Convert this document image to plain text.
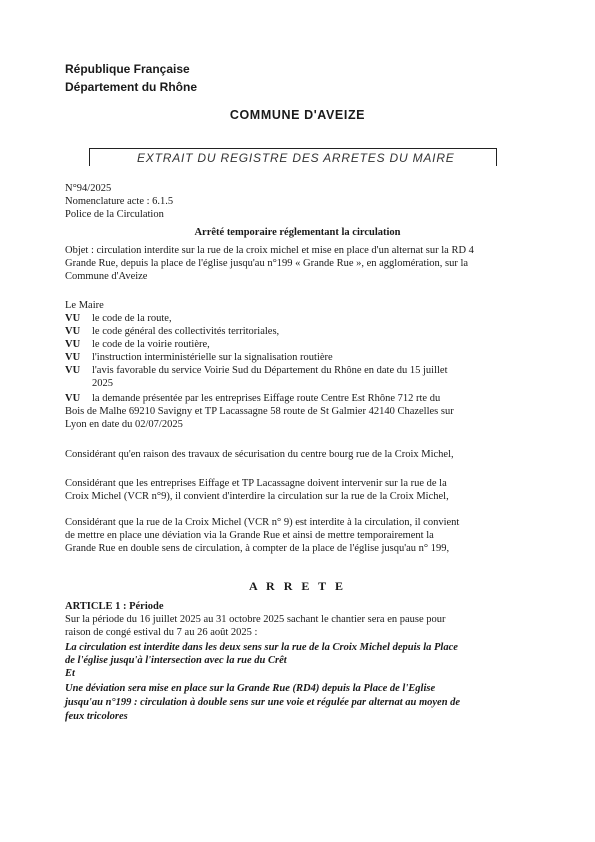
République Française
Département du Rhône
COMMUNE D'AVEIZE
EXTRAIT DU REGISTRE DES ARRETES DU MAIRE
N°94/2025
Nomenclature acte : 6.1.5
Police de la Circulation
Arrêté temporaire réglementant la circulation
Objet : circulation interdite sur la rue de la croix michel et mise en place d'un alternat sur la RD 4
Grande Rue, depuis la place de l'église jusqu'au n°199 « Grande Rue », en agglomération, sur la
Commune d'Aveize
Le Maire
VU le code de la route,
VU le code général des collectivités territoriales,
VU le code de la voirie routière,
VU l'instruction interministérielle sur la signalisation routière
VU l'avis favorable du service Voirie Sud du Département du Rhône en date du 15 juillet
2025
VU la demande présentée par les entreprises Eiffage route Centre Est Rhône 712 rte du
Bois de Malhe 69210 Savigny et TP Lacassagne 58 route de St Galmier 42140 Chazelles sur
Lyon en date du 02/07/2025
Considérant qu'en raison des travaux de sécurisation du centre bourg rue de la Croix Michel,
Considérant que les entreprises Eiffage et TP Lacassagne doivent intervenir sur la rue de la
Croix Michel (VCR n°9), il convient d'interdire la circulation sur la rue de la Croix Michel,
Considérant que la rue de la Croix Michel (VCR n° 9) est interdite à la circulation, il convient
de mettre en place une déviation via la Grande Rue et ainsi de mettre temporairement la
Grande Rue en double sens de circulation, à compter de la place de l'église jusqu'au n° 199,
A R R E T E
ARTICLE 1 : Période
Sur la période du 16 juillet 2025 au 31 octobre 2025 sachant le chantier sera en pause pour
raison de congé estival du 7 au 26 août 2025 :
La circulation est interdite dans les deux sens sur la rue de la Croix Michel depuis la Place
de l'église jusqu'à l'intersection avec la rue du Crêt
Et
Une déviation sera mise en place sur la Grande Rue (RD4) depuis la Place de l'Eglise
jusqu'au n°199 : circulation à double sens sur une voie et régulée par alternat au moyen de
feux tricolores
